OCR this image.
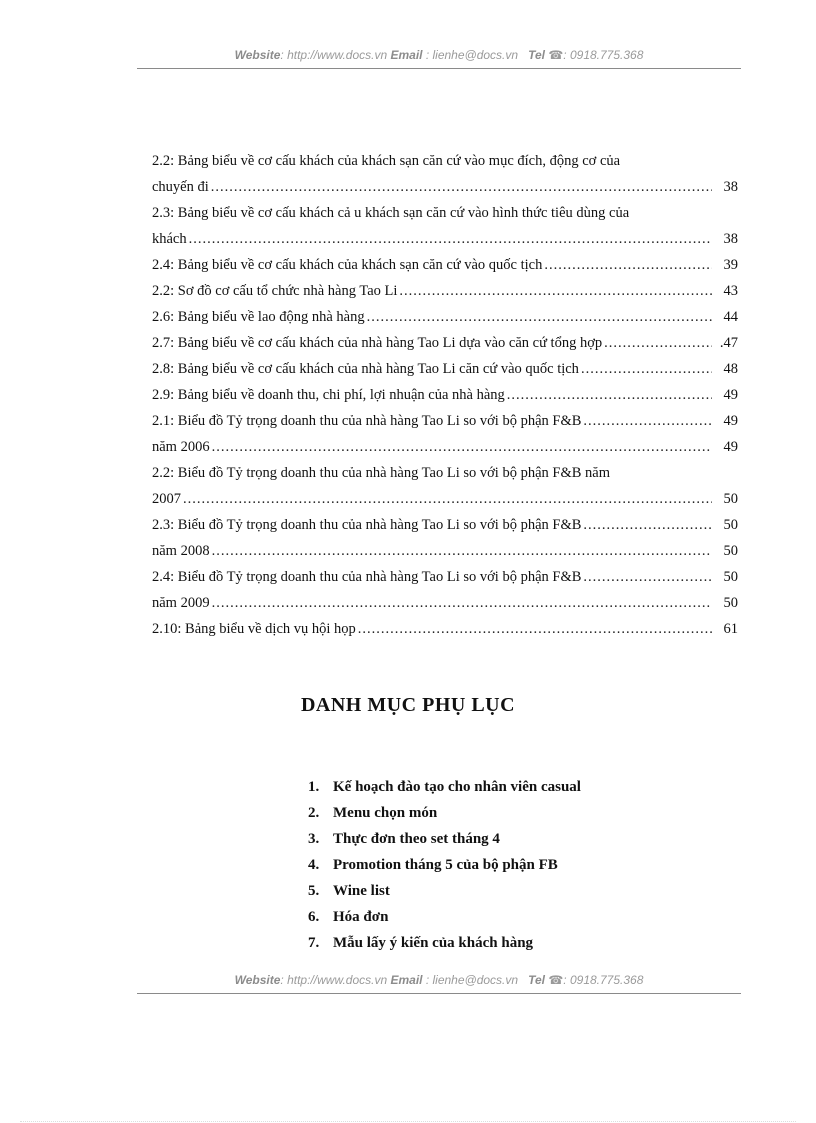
Website: http://www.docs.vn Email : lienhe@docs.vn Tel ☎: 0918.775.368
2.2: Bảng biểu về cơ cấu khách của khách sạn căn cứ vào mục đích, động cơ của
chuyến đi .....	38
2.3: Bảng biểu về cơ cấu khách cả u khách sạn căn cứ vào hình thức tiêu dùng của
khách .....	38
2.4: Bảng biểu về cơ cấu khách của khách sạn căn cứ vào quốc tịch .....	39
2.2: Sơ đồ cơ cấu tổ chức nhà hàng Tao Li .....	43
2.6: Bảng biểu về lao động nhà hàng .....	44
2.7: Bảng biểu về cơ cấu khách của nhà hàng Tao Li dựa vào căn cứ tổng hợp .....	.47
2.8: Bảng biểu về cơ cấu khách của nhà hàng Tao Li căn cứ vào quốc tịch .....	48
2.9: Bảng biểu về doanh thu, chi phí, lợi nhuận của nhà hàng .....	49
2.1: Biểu đồ Tỷ trọng doanh thu của nhà hàng Tao Li so với bộ phận F&B .....	49
năm 2006 .....	49
2.2: Biểu đồ Tỷ trọng doanh thu của nhà hàng Tao Li so với bộ phận F&B năm
2007 .....	50
2.3: Biểu đồ Tỷ trọng doanh thu của nhà hàng Tao Li so với bộ phận F&B .....	50
năm 2008 .....	50
2.4: Biểu đồ Tỷ trọng doanh thu của nhà hàng Tao Li so với bộ phận F&B .....	50
năm 2009 .....	50
2.10: Bảng biểu về dịch vụ hội họp .....	61
DANH MỤC PHỤ LỤC
1. Kế hoạch đào tạo cho nhân viên casual
2. Menu chọn món
3. Thực đơn theo set tháng 4
4. Promotion tháng 5 của bộ phận FB
5. Wine list
6. Hóa đơn
7. Mẫu lấy ý kiến của khách hàng
Website: http://www.docs.vn Email : lienhe@docs.vn Tel ☎: 0918.775.368
